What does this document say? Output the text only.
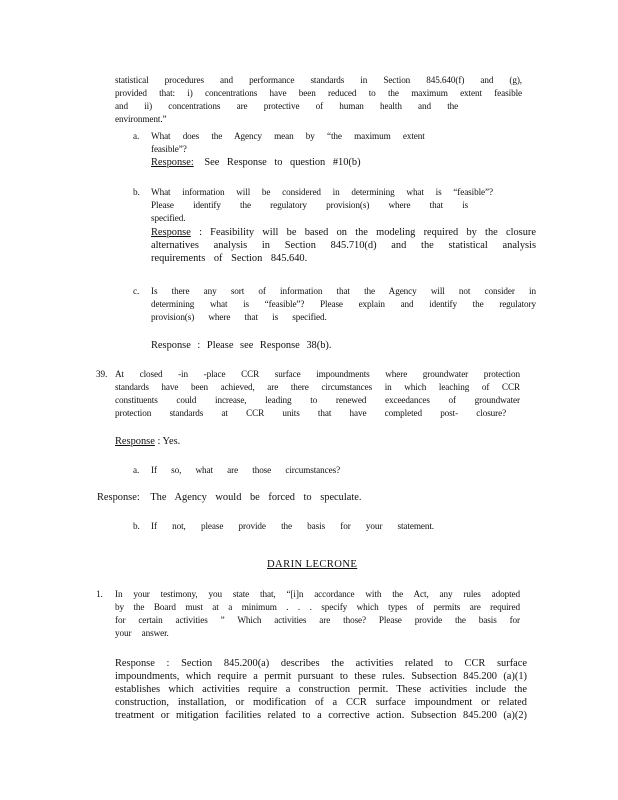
statistical procedures and performance standards in Section 845.640(f) and (g),
provided that: i) concentrations have been reduced to the maximum extent feasible
and ii) concentrations are protective of human health and the environment.”
a. What does the Agency mean by “the maximum extent feasible”?
Response: See Response to question #10(b)
b. What information will be considered in determining what is “feasible”?
Please identify the regulatory provision(s) where that is specified.
Response : Feasibility will be based on the modeling required by the closure
alternatives analysis in Section 845.710(d) and the statistical analysis
requirements of Section 845.640.
c. Is there any sort of information that the Agency will not consider in
determining what is “feasible”? Please explain and identify the regulatory
provision(s) where that is specified.
Response : Please see Response 38(b).
39. At closed -in -place CCR surface impoundments where groundwater protection
standards have been achieved, are there circumstances in which leaching of CCR
constituents could increase, leading to renewed exceedances of groundwater
protection standards at CCR units that have completed post- closure?
Response : Yes.
a. If so, what are those circumstances?
Response: The Agency would be forced to speculate.
b. If not, please provide the basis for your statement.
DARIN LECRONE
1. In your testimony, you state that, “[i]n accordance with the Act, any rules adopted
by the Board must at a minimum . . . specify which types of permits are required
for certain activities ” Which activities are those? Please provide the basis for
your answer.
Response : Section 845.200(a) describes the activities related to CCR surface
impoundments, which require a permit pursuant to these rules. Subsection 845.200 (a)(1)
establishes which activities require a construction permit. These activities include the
construction, installation, or modification of a CCR surface impoundment or related
treatment or mitigation facilities related to a corrective action. Subsection 845.200 (a)(2)
